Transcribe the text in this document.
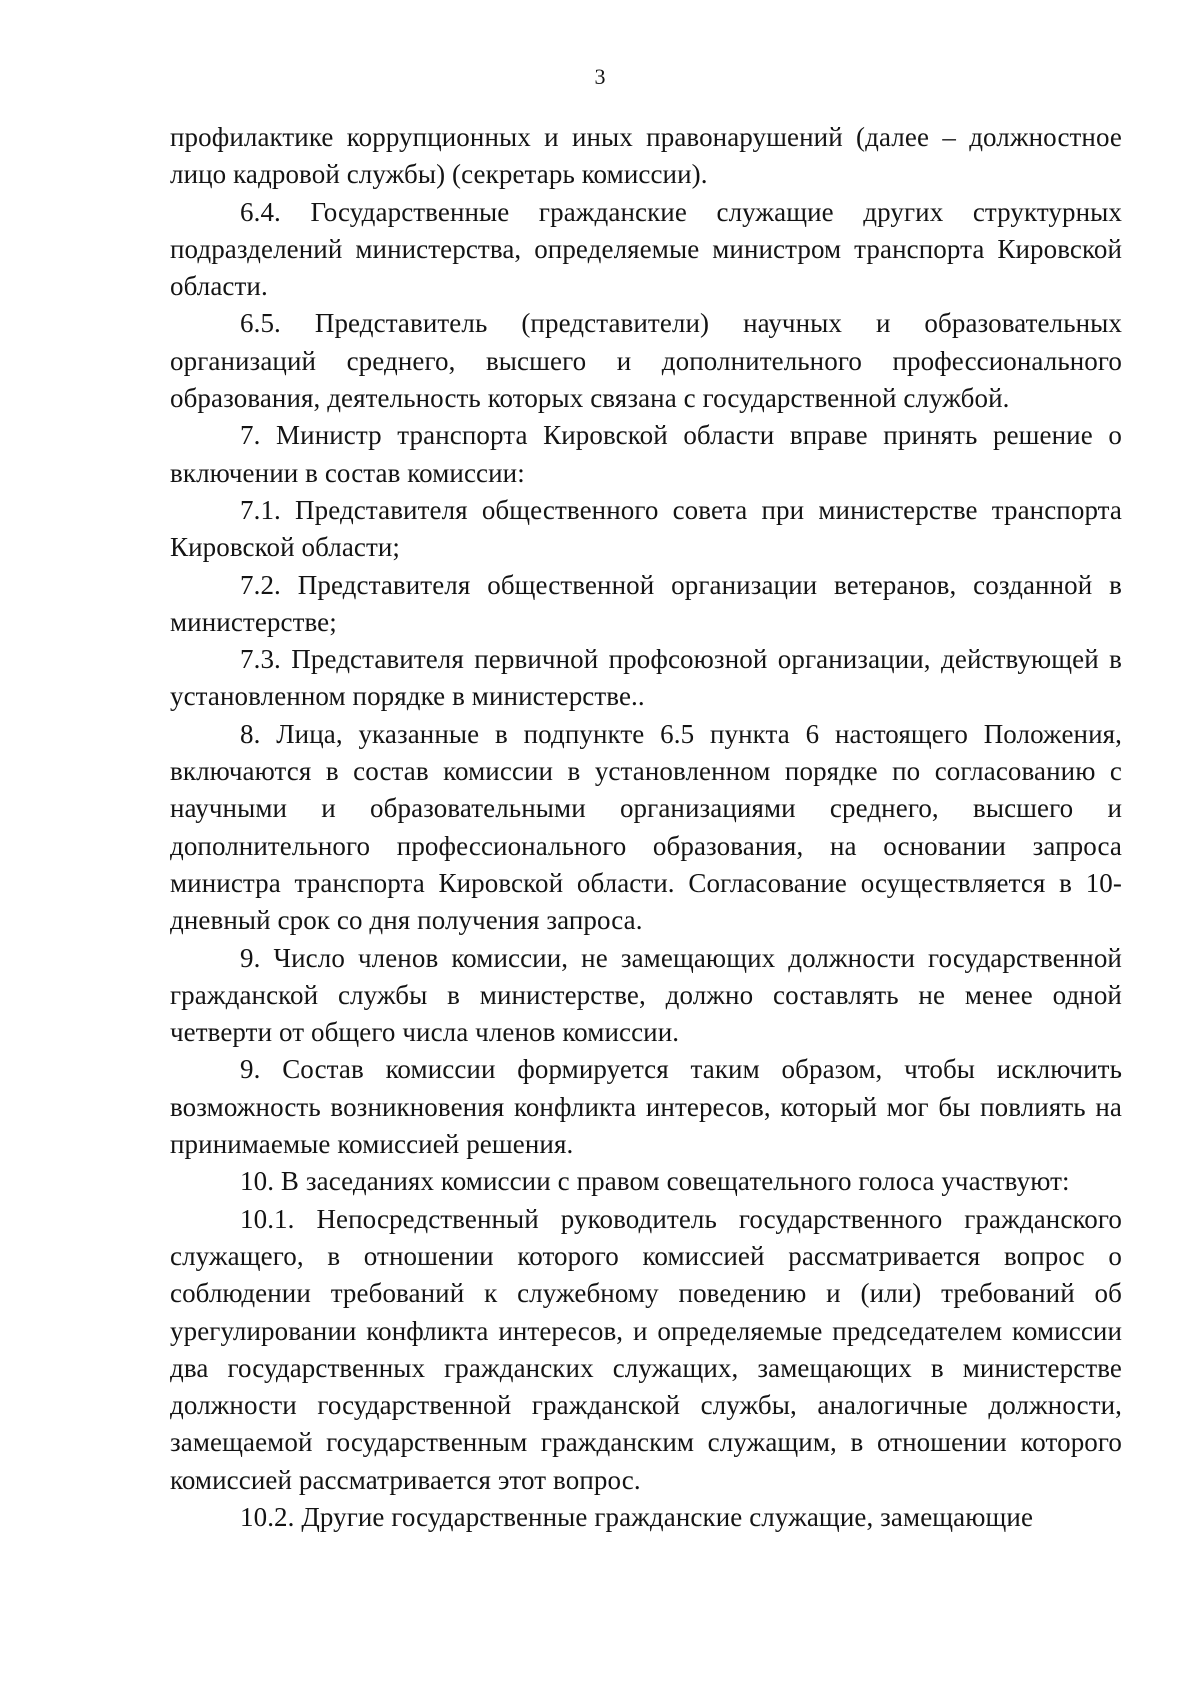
3

профилактике коррупционных и иных правонарушений (далее – должностное лицо кадровой службы) (секретарь комиссии).

6.4. Государственные гражданские служащие других структурных подразделений министерства, определяемые министром транспорта Кировской области.

6.5. Представитель (представители) научных и образовательных организаций среднего, высшего и дополнительного профессионального образования, деятельность которых связана с государственной службой.

7. Министр транспорта Кировской области вправе принять решение о включении в состав комиссии:

7.1. Представителя общественного совета при министерстве транспорта Кировской области;

7.2. Представителя общественной организации ветеранов, созданной в министерстве;

7.3. Представителя первичной профсоюзной организации, действующей в установленном порядке в министерстве..

8. Лица, указанные в подпункте 6.5 пункта 6 настоящего Положения, включаются в состав комиссии в установленном порядке по согласованию с научными и образовательными организациями среднего, высшего и дополнительного профессионального образования, на основании запроса министра транспорта Кировской области. Согласование осуществляется в 10-дневный срок со дня получения запроса.

9. Число членов комиссии, не замещающих должности государственной гражданской службы в министерстве, должно составлять не менее одной четверти от общего числа членов комиссии.

9. Состав комиссии формируется таким образом, чтобы исключить возможность возникновения конфликта интересов, который мог бы повлиять на принимаемые комиссией решения.

10. В заседаниях комиссии с правом совещательного голоса участвуют:

10.1. Непосредственный руководитель государственного гражданского служащего, в отношении которого комиссией рассматривается вопрос о соблюдении требований к служебному поведению и (или) требований об урегулировании конфликта интересов, и определяемые председателем комиссии два государственных гражданских служащих, замещающих в министерстве должности государственной гражданской службы, аналогичные должности, замещаемой государственным гражданским служащим, в отношении которого комиссией рассматривается этот вопрос.

10.2. Другие государственные гражданские служащие, замещающие
